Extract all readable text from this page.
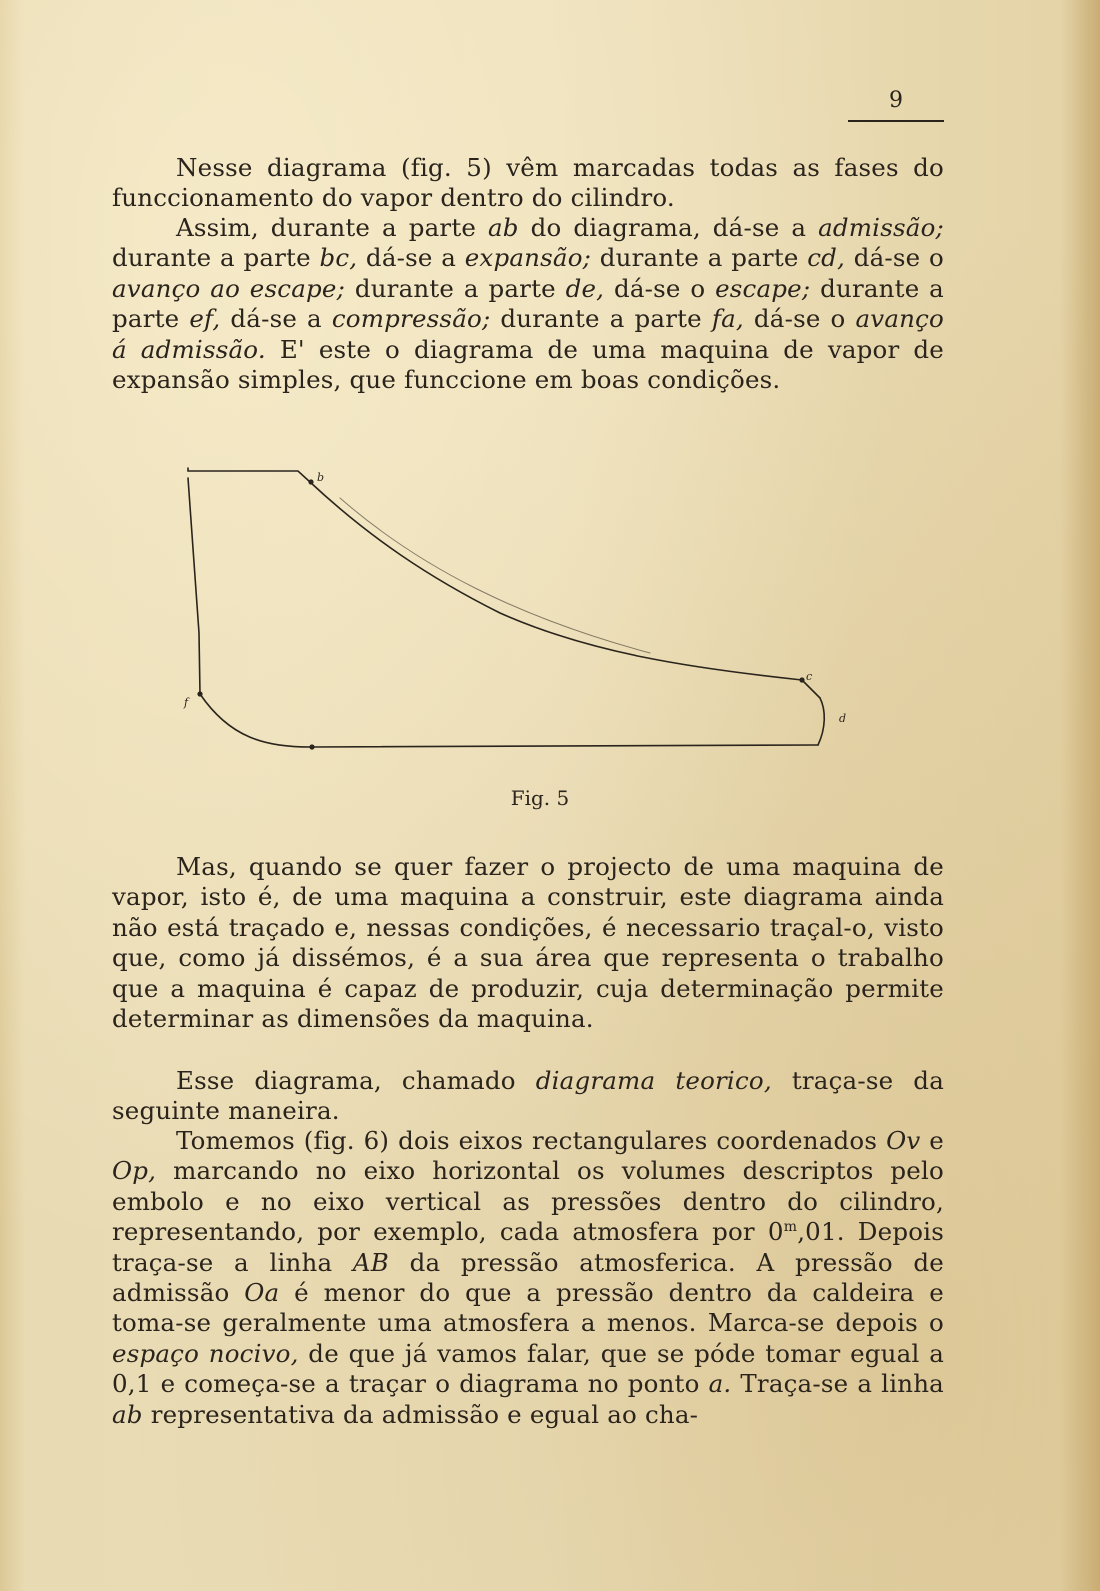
9

Nesse diagrama (fig. 5) vêm marcadas todas as fases do funccionamento do vapor dentro do cilindro.

Assim, durante a parte ab do diagrama, dá-se a admissão; durante a parte bc, dá-se a expansão; durante a parte cd, dá-se o avanço ao escape; durante a parte de, dá-se o escape; durante a parte ef, dá-se a compressão; durante a parte fa, dá-se o avanço á admissão. E' este o diagrama de uma maquina de vapor de expansão simples, que funccione em boas condições.

b
c
d
f
Fig. 5

Mas, quando se quer fazer o projecto de uma maquina de vapor, isto é, de uma maquina a construir, este diagrama ainda não está traçado e, nessas condições, é necessario traçal-o, visto que, como já dissémos, é a sua área que representa o trabalho que a maquina é capaz de produzir, cuja determinação permite determinar as dimensões da maquina.

Esse diagrama, chamado diagrama teorico, traça-se da seguinte maneira.

Tomemos (fig. 6) dois eixos rectangulares coordenados Ov e Op, marcando no eixo horizontal os volumes descriptos pelo embolo e no eixo vertical as pressões dentro do cilindro, representando, por exemplo, cada atmosfera por 0$^m$,01. Depois traça-se a linha AB da pressão atmosferica. A pressão de admissão Oa é menor do que a pressão dentro da caldeira e toma-se geralmente uma atmosfera a menos. Marca-se depois o espaço nocivo, de que já vamos falar, que se póde tomar egual a 0,1 e começa-se a traçar o diagrama no ponto a. Traça-se a linha ab representativa da admissão e egual ao cha-
